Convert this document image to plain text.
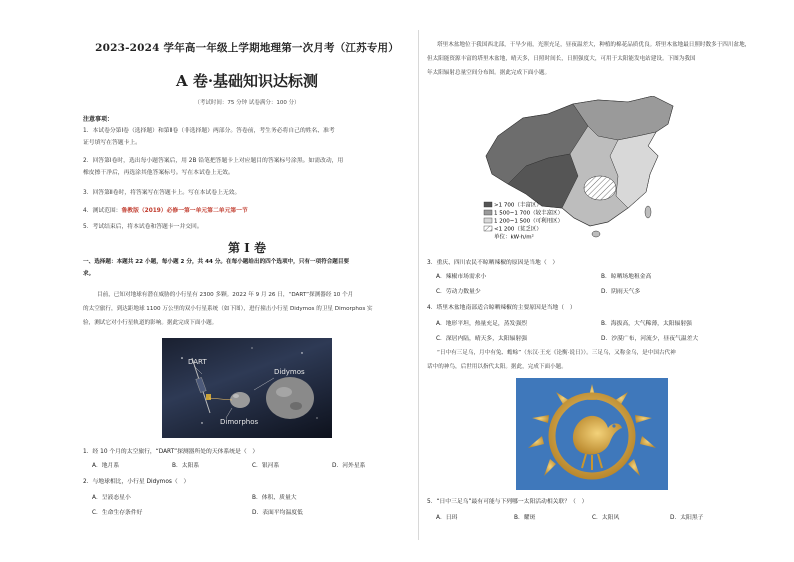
2023-2024 学年高一年级上学期地理第一次月考（江苏专用）
A 卷·基础知识达标测
（考试时间：75 分钟 试卷满分：100 分）
注意事项：
1．本试卷分第Ⅰ卷（选择题）和第Ⅱ卷（非选择题）两部分。答卷前，考生务必将自己的姓名、准考
证号填写在答题卡上。
2．回答第Ⅰ卷时，选出每小题答案后，用 2B 铅笔把答题卡上对应题目的答案标号涂黑。如需改动，用
橡皮擦干净后，再选涂其他答案标号。写在本试卷上无效。
3．回答第Ⅱ卷时，将答案写在答题卡上。写在本试卷上无效。
4．测试范围：鲁教版（2019）必修一第一单元第二单元第一节
5．考试结束后，将本试卷和答题卡一并交回。
第 I 卷
一、选择题：本题共 22 小题，每小题 2 分，共 44 分。在每小题给出的四个选项中，只有一项符合题目要
求。
目前，已知对地球有潜在威胁的小行星有 2300 多颗。2022 年 9 月 26 日，“DART”探测器经 10 个月
的太空旅行，到达距地球 1100 万公里的双小行星系统（如下图），进行撞击小行星 Didymos 的卫星 Dimorphos 实
验，测试它对小行星轨道的影响。据此完成下面小题。
DART
Didymos
Dimorphos
1．经 10 个月的太空旅行，“DART”探测器所处的天体系统是（　）
A．地月系	B．太阳系	C．银河系	D．河外星系
2．与地球相比，小行星 Didymos（　）
A．呈液态星小	B．体积、质量大
C．生命生存条件好	D．表面平均温度低
塔里木盆地位于我国西北部，干旱少雨，光照充足，昼夜温差大，种植的棉花品质优良。塔里木盆地最日照时数多于四川盆地，
但太阳能资源丰富的塔里木盆地，晴天多，日照时间长，日照强度大，可用于太阳能发电站建设。下图为我国
年太阳辐射总量空间分布图。据此完成下面小题。
>1 700（丰富区）
1 500~1 700（较丰富区）
1 200~1 500（可利用区）
<1 200（贫乏区）
单位：kW·h/m²
3．重庆、四川农民不晾晒辣椒的原因是当地（　）
A．辣椒市场需求小	B．晾晒场地租金高
C．劳动力数量少	D．阴雨天气多
4．塔里木盆地南部适合晾晒辣椒的主要原因是当地（　）
A．地形平坦，热量充足，蒸发强烈	B．海拔高，大气稀薄，太阳辐射强
C．深居内陆，晴天多，太阳辐射强	D．沙漠广布，河流少，昼夜气温差大
“日中有三足乌，月中有兔、蟾蜍”（东汉·王充《论衡·说日》）。三足乌，又称金乌，是中国古代神
话中的神鸟，后世用以指代太阳。据此，完成下面小题。
5．“日中三足乌”最有可能与下列哪一太阳活动相关联？（　）
A．日珥	B．耀斑	C．太阳风	D．太阳黑子
